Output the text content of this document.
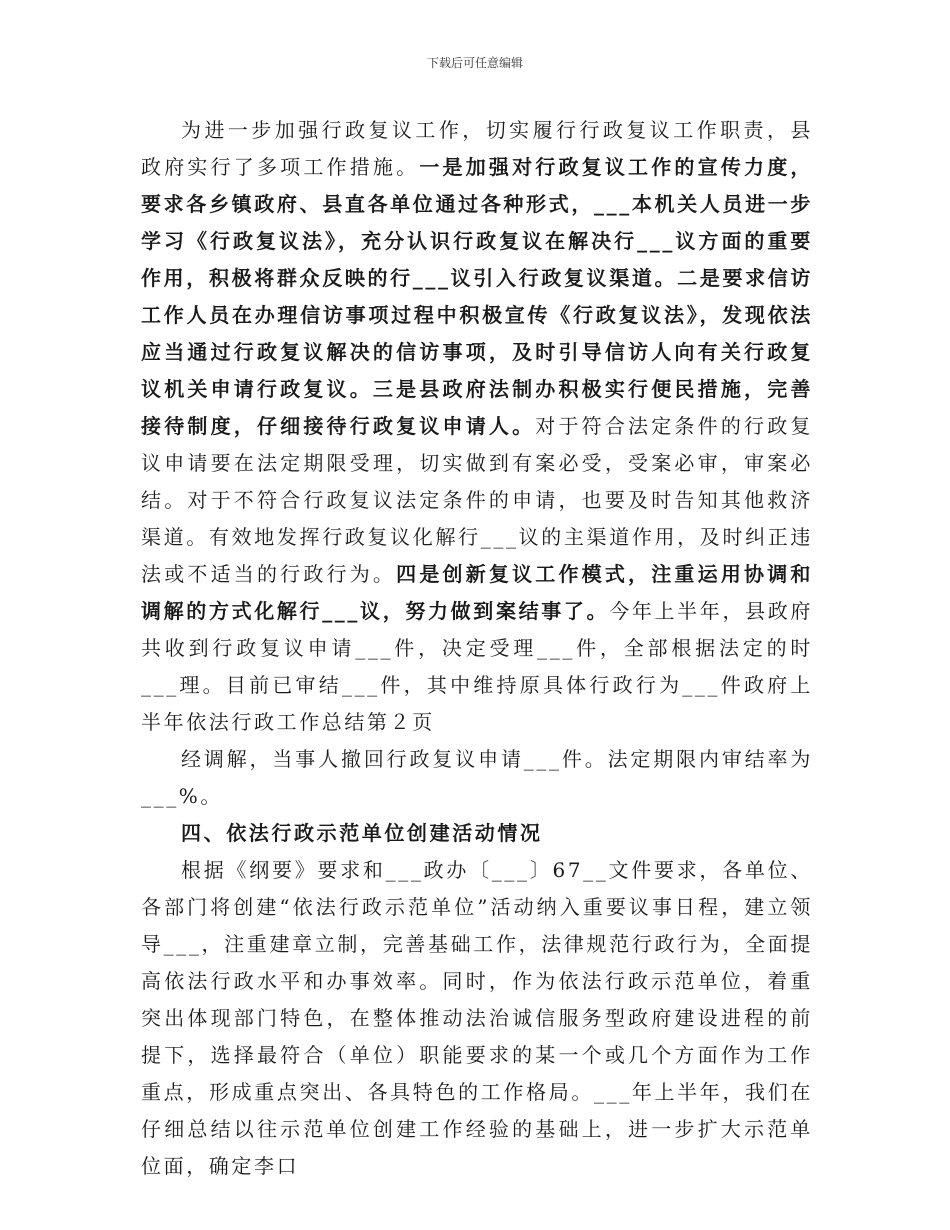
下载后可任意编辑

为进一步加强行政复议工作，切实履行行政复议工作职责，县政府实行了多项工作措施。一是加强对行政复议工作的宣传力度，要求各乡镇政府、县直各单位通过各种形式，___本机关人员进一步学习《行政复议法》，充分认识行政复议在解决行___议方面的重要作用，积极将群众反映的行___议引入行政复议渠道。二是要求信访工作人员在办理信访事项过程中积极宣传《行政复议法》，发现依法应当通过行政复议解决的信访事项，及时引导信访人向有关行政复议机关申请行政复议。三是县政府法制办积极实行便民措施，完善接待制度，仔细接待行政复议申请人。对于符合法定条件的行政复议申请要在法定期限受理，切实做到有案必受，受案必审，审案必结。对于不符合行政复议法定条件的申请，也要及时告知其他救济渠道。有效地发挥行政复议化解行___议的主渠道作用，及时纠正违法或不适当的行政行为。四是创新复议工作模式，注重运用协调和调解的方式化解行___议，努力做到案结事了。今年上半年，县政府共收到行政复议申请___件，决定受理___件，全部根据法定的时___理。目前已审结___件，其中维持原具体行政行为___件政府上半年依法行政工作总结第２页

经调解，当事人撤回行政复议申请___件。法定期限内审结率为___%。

四、依法行政示范单位创建活动情况

根据《纲要》要求和___政办〔___〕67__文件要求，各单位、各部门将创建“依法行政示范单位”活动纳入重要议事日程，建立领导___，注重建章立制，完善基础工作，法律规范行政行为，全面提高依法行政水平和办事效率。同时，作为依法行政示范单位，着重突出体现部门特色，在整体推动法治诚信服务型政府建设进程的前提下，选择最符合（单位）职能要求的某一个或几个方面作为工作重点，形成重点突出、各具特色的工作格局。___年上半年，我们在仔细总结以往示范单位创建工作经验的基础上，进一步扩大示范单位面，确定李口
